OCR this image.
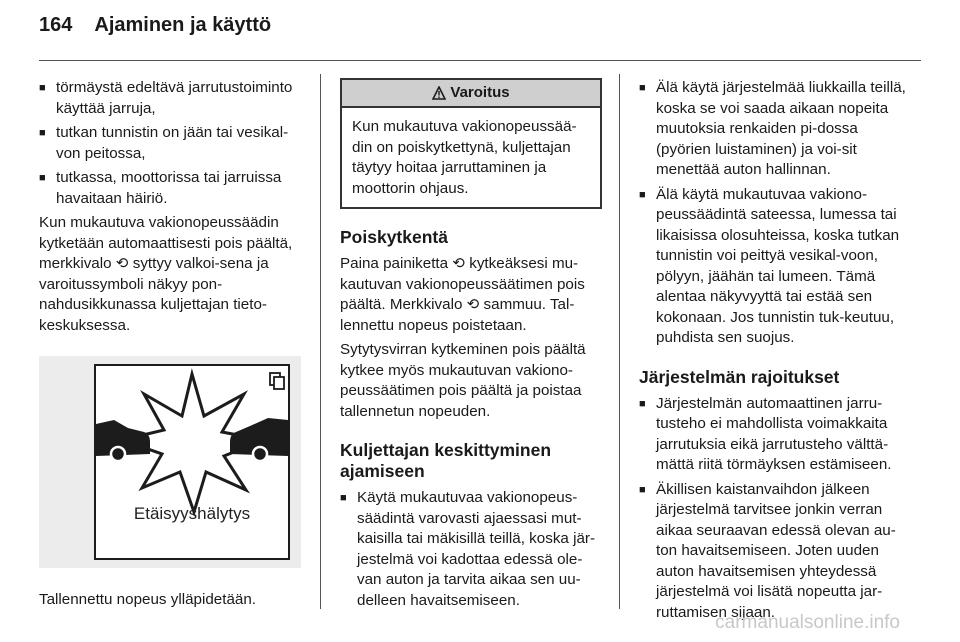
164 Ajaminen ja käyttö
■ törmäystä edeltävä jarrutustoiminto käyttää jarruja,
■ tutkan tunnistin on jään tai vesikal-von peitossa,
■ tutkassa, moottorissa tai jarruissa havaitaan häiriö.

Kun mukautuva vakionopeussäädin kytketään automaattisesti pois päältä, merkkivalo ⟲ syttyy valkoi-sena ja varoitussymboli näkyy pon-nahdusikkunassa kuljettajan tieto-keskuksessa.

Etäisyyshälytys

Tallennettu nopeus ylläpidetään.

Varoitus
Kun mukautuva vakionopeussää-din on poiskytkettynä, kuljettajan täytyy hoitaa jarruttaminen ja moottorin ohjaus.
Poiskytkentä

Paina painiketta ⟲ kytkeäksesi mu-kautuvan vakionopeussäätimen pois päältä. Merkkivalo ⟲ sammuu. Tal-lennettu nopeus poistetaan.

Sytytysvirran kytkeminen pois päältä kytkee myös mukautuvan vakiono-peussäätimen pois päältä ja poistaa tallennetun nopeuden.

Kuljettajan keskittyminen ajamiseen
■ Käytä mukautuvaa vakionopeus-säädintä varovasti ajaessasi mut-kaisilla tai mäkisillä teillä, koska jär-jestelmä voi kadottaa edessä ole-van auton ja tarvita aikaa sen uu-delleen havaitsemiseen.
■ Älä käytä järjestelmää liukkailla teillä, koska se voi saada aikaan nopeita muutoksia renkaiden pi-dossa (pyörien luistaminen) ja voi-sit menettää auton hallinnan.
■ Älä käytä mukautuvaa vakiono-peussäädintä sateessa, lumessa tai likaisissa olosuhteissa, koska tutkan tunnistin voi peittyä vesikal-voon, pölyyn, jäähän tai lumeen. Tämä alentaa näkyvyyttä tai estää sen kokonaan. Jos tunnistin tuk-keutuu, puhdista sen suojus.
Järjestelmän rajoitukset
■ Järjestelmän automaattinen jarru-tusteho ei mahdollista voimakkaita jarrutuksia eikä jarrutusteho välttä-mättä riitä törmäyksen estämiseen.
■ Äkillisen kaistanvaihdon jälkeen järjestelmä tarvitsee jonkin verran aikaa seuraavan edessä olevan au-ton havaitsemiseen. Joten uuden auton havaitsemisen yhteydessä järjestelmä voi lisätä nopeutta jar-ruttamisen sijaan.
carmanualsonline.info
